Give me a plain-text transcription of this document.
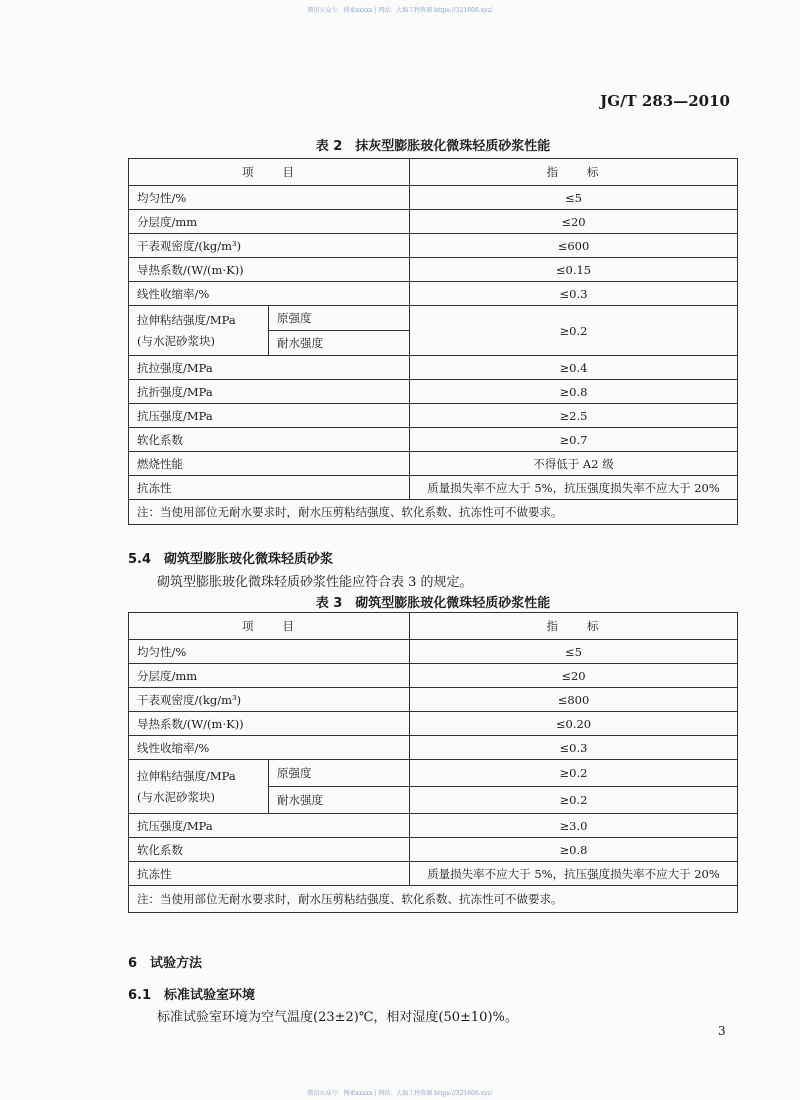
微信公众号：搜索xxxxx | 网站：大脑工程资源 https://321606.xyz/
微信公众号：搜索xxxxx | 网站：大脑工程资源 https://321606.xyz/
JG/T 283—2010
表 2　抹灰型膨胀玻化微珠轻质砂浆性能
项　　目		指　　标
均匀性/%		≤5
分层度/mm		≤20
干表观密度/(kg/m³)		≤600
导热系数/(W/(m·K))		≤0.15
线性收缩率/%		≤0.3
拉伸粘结强度/MPa
(与水泥砂浆块)	原强度	≥0.2
	耐水强度	
抗拉强度/MPa		≥0.4
抗折强度/MPa		≥0.8
抗压强度/MPa		≥2.5
软化系数		≥0.7
燃烧性能		不得低于 A2 级
抗冻性		质量损失率不应大于 5%，抗压强度损失率不应大于 20%
注：当使用部位无耐水要求时，耐水压剪粘结强度、软化系数、抗冻性可不做要求。		
5.4　砌筑型膨胀玻化微珠轻质砂浆
砌筑型膨胀玻化微珠轻质砂浆性能应符合表 3 的规定。
表 3　砌筑型膨胀玻化微珠轻质砂浆性能
项　　目		指　　标
均匀性/%		≤5
分层度/mm		≤20
干表观密度/(kg/m³)		≤800
导热系数/(W/(m·K))		≤0.20
线性收缩率/%		≤0.3
拉伸粘结强度/MPa
(与水泥砂浆块)	原强度	≥0.2
	耐水强度	≥0.2
抗压强度/MPa		≥3.0
软化系数		≥0.8
抗冻性		质量损失率不应大于 5%，抗压强度损失率不应大于 20%
注：当使用部位无耐水要求时，耐水压剪粘结强度、软化系数、抗冻性可不做要求。		
6　试验方法
6.1　标准试验室环境
标准试验室环境为空气温度(23±2)℃，相对湿度(50±10)%。
3
